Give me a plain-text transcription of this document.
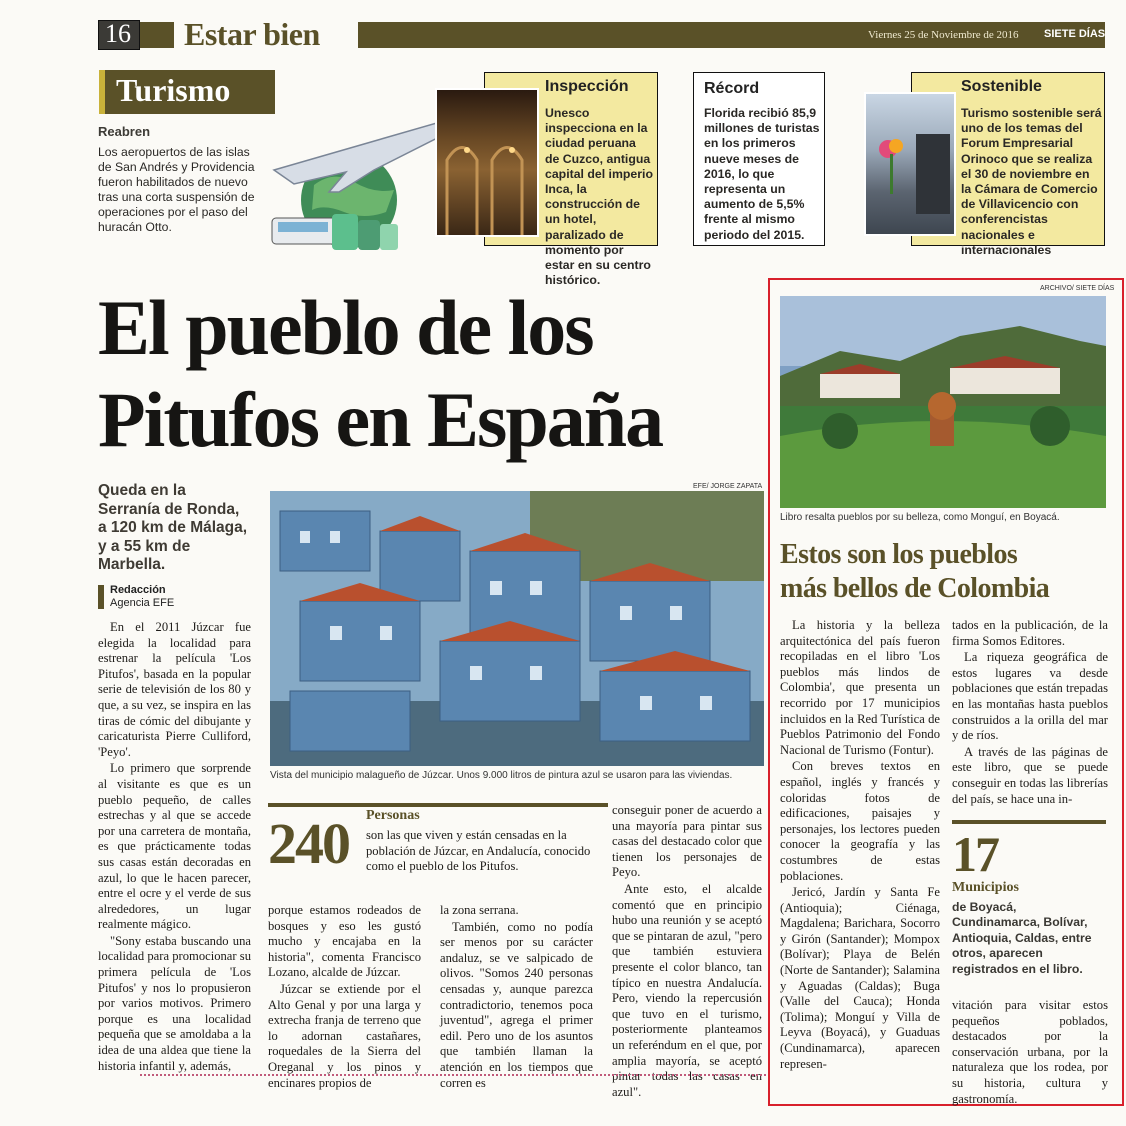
16 Estar bien	Viernes 25 de Noviembre de 2016 SIETE DÍAS
Turismo
Reabren
Los aeropuertos de las islas de San Andrés y Providencia fueron habilitados de nuevo tras una corta suspensión de operaciones por el paso del huracán Otto.
Inspección
Unesco inspecciona en la ciudad peruana de Cuzco, antigua capital del imperio Inca, la construcción de un hotel, paralizado de momento por estar en su centro histórico.
Récord
Florida recibió 85,9 millones de turistas en los primeros nueve meses de 2016, lo que representa un aumento de 5,5% frente al mismo periodo del 2015.
Sostenible
Turismo sostenible será uno de los temas del Forum Empresarial Orinoco que se realiza el 30 de noviembre en la Cámara de Comercio de Villavicencio con conferencistas nacionales e internacionales
El pueblo de los
Pitufos en España
Queda en la Serranía de Ronda, a 120 km de Málaga, y a 55 km de Marbella.
Redacción
Agencia EFE

En el 2011 Júzcar fue elegida la localidad para estrenar la película 'Los Pitufos', basada en la popular serie de televisión de los 80 y que, a su vez, se inspira en las tiras de cómic del dibujante y caricaturista Pierre Culliford, 'Peyo'.

Lo primero que sorprende al visitante es que es un pueblo pequeño, de calles estrechas y al que se accede por una carretera de montaña, es que prácticamente todas sus casas están decoradas en azul, lo que le hacen parecer, entre el ocre y el verde de sus alrededores, un lugar realmente mágico.

"Sony estaba buscando una localidad para promocionar su primera película de 'Los Pitufos' y nos lo propusieron por varios motivos. Primero porque es una localidad pequeña que se amoldaba a la idea de una aldea que tiene la historia infantil y, además,

EFE/ JORGE ZAPATA
Vista del municipio malagueño de Júzcar. Unos 9.000 litros de pintura azul se usaron para las viviendas.
240 Personas
son las que viven y están censadas en la población de Júzcar, en Andalucía, conocido como el pueblo de los Pitufos.

porque estamos rodeados de bosques y eso les gustó mucho y encajaba en la historia", comenta Francisco Lozano, alcalde de Júzcar.

Júzcar se extiende por el Alto Genal y por una larga y extrecha franja de terreno que lo adornan castañares, roquedales de la Sierra del Oreganal y los pinos y encinares propios de

la zona serrana.

También, como no podía ser menos por su carácter andaluz, se ve salpicado de olivos. "Somos 240 personas censadas y, aunque parezca contradictorio, tenemos poca juventud", agrega el primer edil. Pero uno de los asuntos que también llaman la atención en los tiempos que corren es

conseguir poner de acuerdo a una mayoría para pintar sus casas del destacado color que tienen los personajes de Peyo.

Ante esto, el alcalde comentó que en principio hubo una reunión y se aceptó que se pintaran de azul, "pero que también estuviera presente el color blanco, tan típico en nuestra Andalucía. Pero, viendo la repercusión que tuvo en el turismo, posteriormente planteamos un referéndum en el que, por amplia mayoría, se aceptó pintar todas las casas en azul".

ARCHIVO/ SIETE DÍAS
Libro resalta pueblos por su belleza, como Monguí, en Boyacá.
Estos son los pueblos
más bellos de Colombia

La historia y la belleza arquitectónica del país fueron recopiladas en el libro 'Los pueblos más lindos de Colombia', que presenta un recorrido por 17 municipios incluidos en la Red Turística de Pueblos Patrimonio del Fondo Nacional de Turismo (Fontur).

Con breves textos en español, inglés y francés y coloridas fotos de edificaciones, paisajes y personajes, los lectores pueden conocer la geografía y las costumbres de estas poblaciones.

Jericó, Jardín y Santa Fe (Antioquia); Ciénaga, Magdalena; Barichara, Socorro y Girón (Santander); Mompox (Bolívar); Playa de Belén (Norte de Santander); Salamina y Aguadas (Caldas); Buga (Valle del Cauca); Honda (Tolima); Monguí y Villa de Leyva (Boyacá), y Guaduas (Cundinamarca), aparecen represen-

tados en la publicación, de la firma Somos Editores.

La riqueza geográfica de estos lugares va desde poblaciones que están trepadas en las montañas hasta pueblos construidos a la orilla del mar y de ríos.

A través de las páginas de este libro, que se puede conseguir en todas las librerías del país, se hace una in-

17
Municipios
de Boyacá, Cundinamarca, Bolívar, Antioquia, Caldas, entre otros, aparecen registrados en el libro.
vitación para visitar estos pequeños poblados, destacados por la conservación urbana, por la naturaleza que los rodea, por su historia, cultura y gastronomía.
